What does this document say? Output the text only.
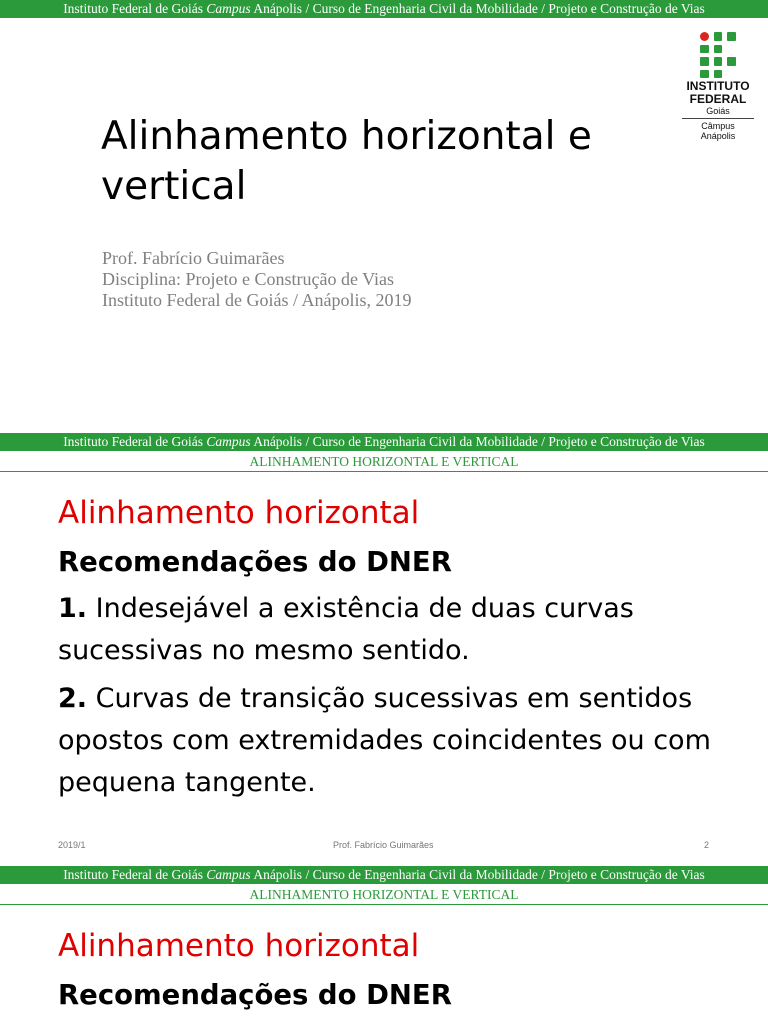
Instituto Federal de Goiás Campus Anápolis / Curso de Engenharia Civil da Mobilidade / Projeto e Construção de Vias
INSTITUTO
FEDERAL
Goiás
Câmpus
Anápolis
Alinhamento horizontal e
vertical
Prof. Fabrício Guimarães
Disciplina: Projeto e Construção de Vias
Instituto Federal de Goiás / Anápolis, 2019
Instituto Federal de Goiás Campus Anápolis / Curso de Engenharia Civil da Mobilidade / Projeto e Construção de Vias
ALINHAMENTO HORIZONTAL E VERTICAL
Alinhamento horizontal
Recomendações do DNER

1. Indesejável a existência de duas curvas sucessivas no mesmo sentido.

2. Curvas de transição sucessivas em sentidos opostos com extremidades coincidentes ou com pequena tangente.

2019/1	Prof. Fabrício Guimarães	2
Instituto Federal de Goiás Campus Anápolis / Curso de Engenharia Civil da Mobilidade / Projeto e Construção de Vias
ALINHAMENTO HORIZONTAL E VERTICAL
Alinhamento horizontal
Recomendações do DNER
